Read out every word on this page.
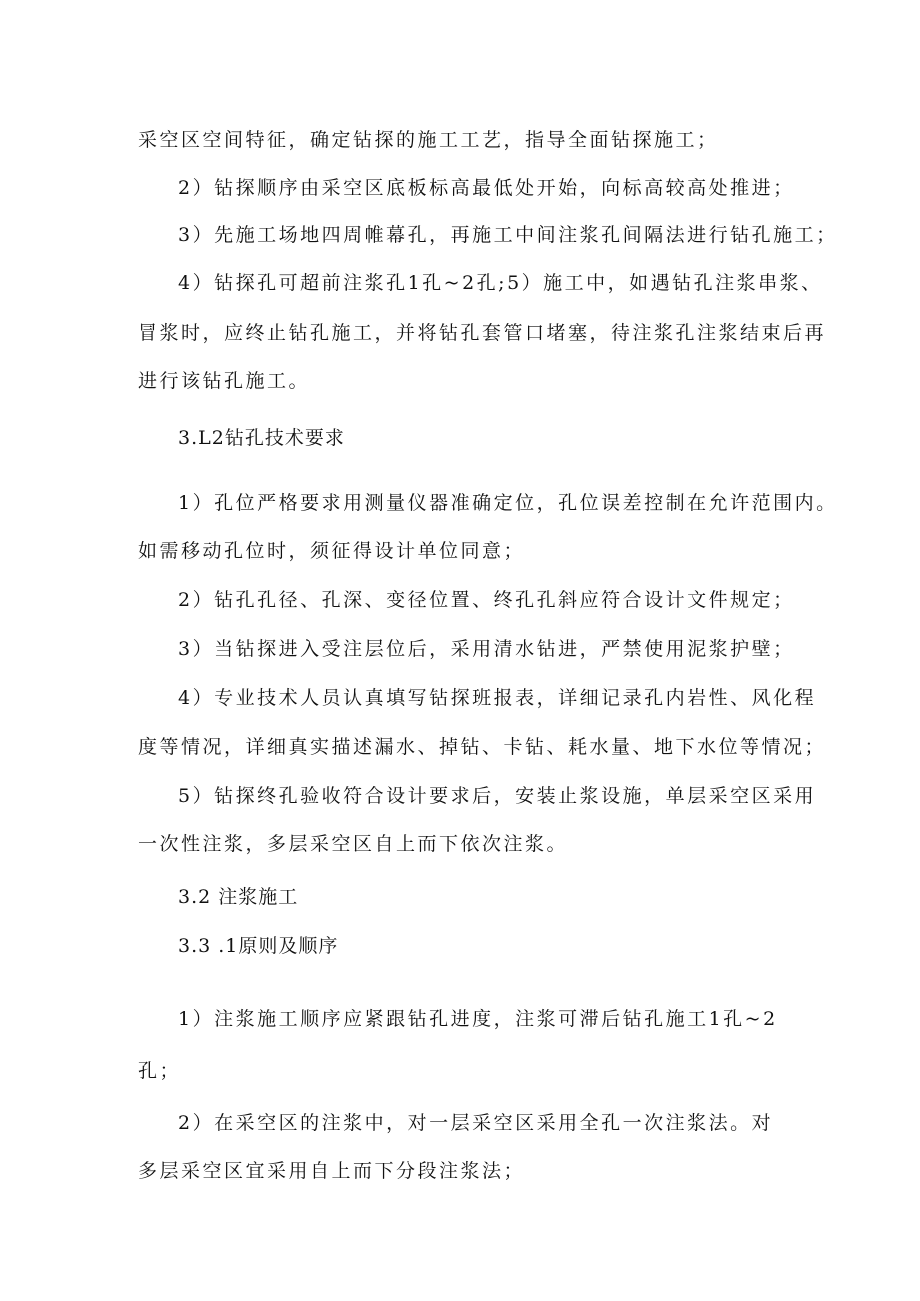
采空区空间特征，确定钻探的施工工艺，指导全面钻探施工；
2）钻探顺序由采空区底板标高最低处开始，向标高较高处推进；
3）先施工场地四周帷幕孔，再施工中间注浆孔间隔法进行钻孔施工；
4）钻探孔可超前注浆孔1孔~2孔;5）施工中，如遇钻孔注浆串浆、
冒浆时，应终止钻孔施工，并将钻孔套管口堵塞，待注浆孔注浆结束后再
进行该钻孔施工。
3.L2钻孔技术要求
1）孔位严格要求用测量仪器准确定位，孔位误差控制在允许范围内。
如需移动孔位时，须征得设计单位同意；
2）钻孔孔径、孔深、变径位置、终孔孔斜应符合设计文件规定；
3）当钻探进入受注层位后，采用清水钻进，严禁使用泥浆护壁；
4）专业技术人员认真填写钻探班报表，详细记录孔内岩性、风化程
度等情况，详细真实描述漏水、掉钻、卡钻、耗水量、地下水位等情况；
5）钻探终孔验收符合设计要求后，安装止浆设施，单层采空区采用
一次性注浆，多层采空区自上而下依次注浆。
3.2 注浆施工
3.3 .1原则及顺序
1）注浆施工顺序应紧跟钻孔进度，注浆可滞后钻孔施工1孔~2
孔；
2）在采空区的注浆中，对一层采空区采用全孔一次注浆法。对
多层采空区宜采用自上而下分段注浆法；
